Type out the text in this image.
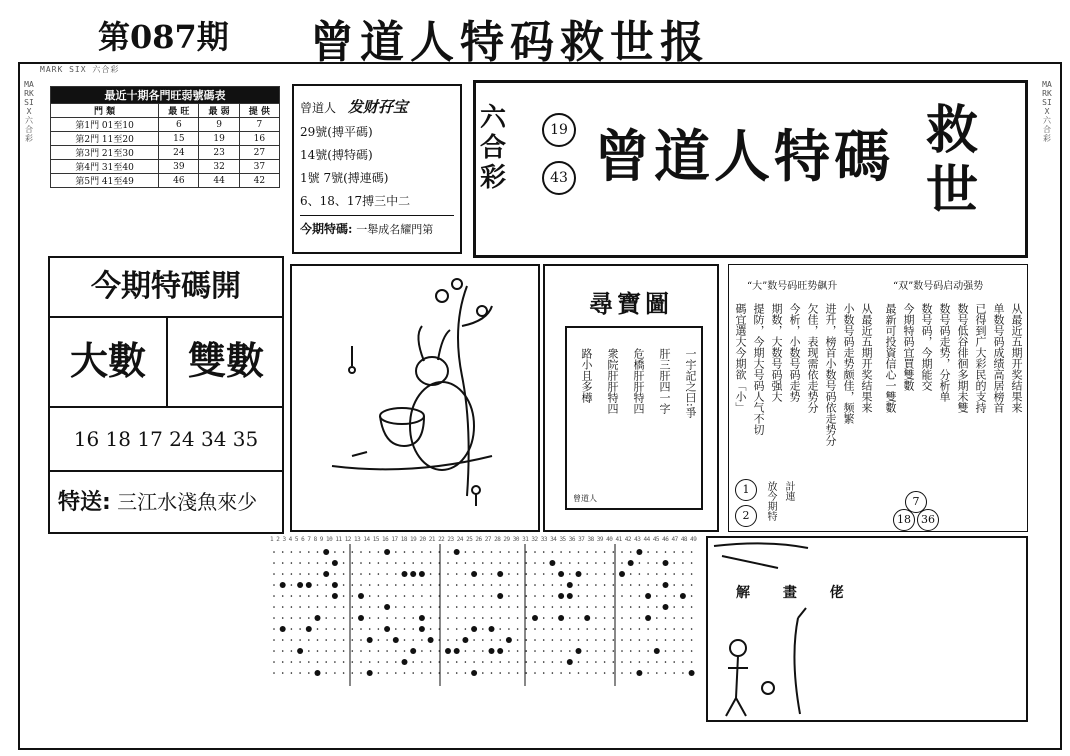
第087期 曾道人特码救世报
MARK SIX 六合彩
MARK SIX 六合彩
MARK SIX 六合彩
最近十期各門旺弱號碼表			
門 類	最 旺	最 弱	提 供
第1門 01至10	6	9	7
第2門 11至20	15	19	16
第3門 21至30	24	23	27
第4門 31至40	39	32	37
第5門 41至49	46	44	42
曾道人 发财孖宝
29號(搏平碼)
14號(搏特碼)
1號 7號(搏連碼)
6、18、17搏三中二
今期特碼: 一舉成名耀門第
六合彩
19
43 曾道人特碼 救世
今期特碼開
大數	雙數
16 18 17 24 34 35
特送: 三江水淺魚來少
尋寶圖
一宇記之曰:爭
肝三肝四一字
危橋肝肝特四
衆院肝肝特四
路小且多樽
曾道人
“大”数号码旺势飙升	“双”数号码启动强势
从最近五期开奖结果来
小数号码走势颇佳，频繁
进升，榜首小数号码依走势分
欠佳，表现需依走势分
今析，小数号码走势
期数，大数号码强大
提防，今期大号码人气不切
碼宜選大今期欲「小」	从最近五期开奖结果来
单数号码成绩高居榜首
已得到广大彩民的支持
数号低谷徘徊多期未雙
数号码走势，分析单
数号码，今期能交
今期特码宜買雙數
最新可投資信心一雙數
1
2
7
18 36
放今期特 計連
1 2 3 4 5 6 7 8 9 10 11 12 13 14 15 16 17 18 19 20 21 22 23 24 25 26 27 28 29 30 31 32 33 34 35 36 37 38 39 40 41 42 43 44 45 46 47 48 49
解 畫 佬
